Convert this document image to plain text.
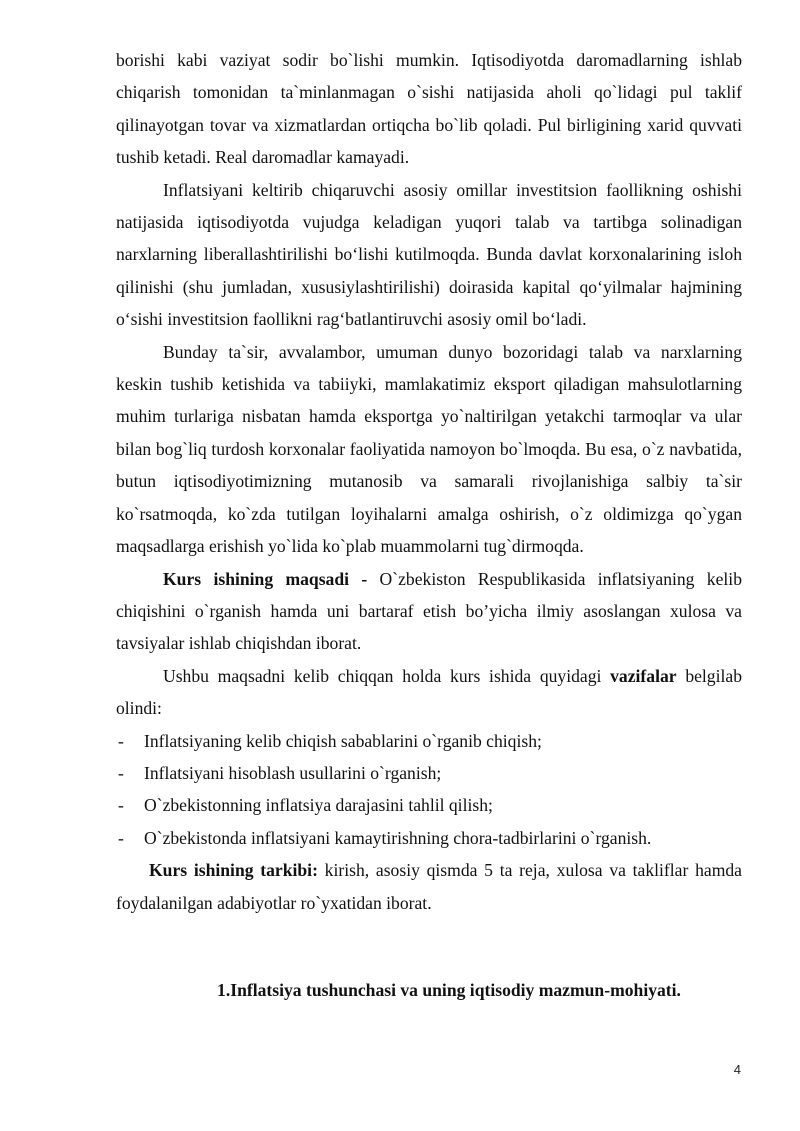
borishi kabi vaziyat sodir bo`lishi mumkin. Iqtisodiyotda daromadlarning ishlab chiqarish tomonidan ta`minlanmagan o`sishi natijasida aholi qo`lidagi pul taklif qilinayotgan tovar va xizmatlardan ortiqcha bo`lib qoladi. Pul birligining xarid quvvati tushib ketadi. Real daromadlar kamayadi.

Inflatsiyani keltirib chiqaruvchi asosiy omillar investitsion faollikning oshishi natijasida iqtisodiyotda vujudga keladigan yuqori talab va tartibga solinadigan narxlarning liberallashtirilishi bo‘lishi kutilmoqda. Bunda davlat korxonalarining isloh qilinishi (shu jumladan, xususiylashtirilishi) doirasida kapital qo‘yilmalar hajmining o‘sishi investitsion faollikni rag‘batlantiruvchi asosiy omil bo‘ladi.

Bunday ta`sir, avvalambor, umuman dunyo bozoridagi talab va narxlarning keskin tushib ketishida va tabiiyki, mamlakatimiz eksport qiladigan mahsulotlarning muhim turlariga nisbatan hamda eksportga yo`naltirilgan yetakchi tarmoqlar va ular bilan bog`liq turdosh korxonalar faoliyatida namoyon bo`lmoqda. Bu esa, o`z navbatida, butun iqtisodiyotimizning mutanosib va samarali rivojlanishiga salbiy ta`sir ko`rsatmoqda, ko`zda tutilgan loyihalarni amalga oshirish, o`z oldimizga qo`ygan maqsadlarga erishish yo`lida ko`plab muammolarni tug`dirmoqda.

Kurs ishining maqsadi - O`zbekiston Respublikasida inflatsiyaning kelib chiqishini o`rganish hamda uni bartaraf etish bo’yicha ilmiy asoslangan xulosa va tavsiyalar ishlab chiqishdan iborat.

Ushbu maqsadni kelib chiqqan holda kurs ishida quyidagi vazifalar belgilab olindi:

- Inflatsiyaning kelib chiqish sabablarini o`rganib chiqish;
- Inflatsiyani hisoblash usullarini o`rganish;
- O`zbekistonning inflatsiya darajasini tahlil qilish;
- O`zbekistonda inflatsiyani kamaytirishning chora-tadbirlarini o`rganish.

Kurs ishining tarkibi: kirish, asosiy qismda 5 ta reja, xulosa va takliflar hamda foydalanilgan adabiyotlar ro`yxatidan iborat.

1.Inflatsiya tushunchasi va uning iqtisodiy mazmun-mohiyati.

4
